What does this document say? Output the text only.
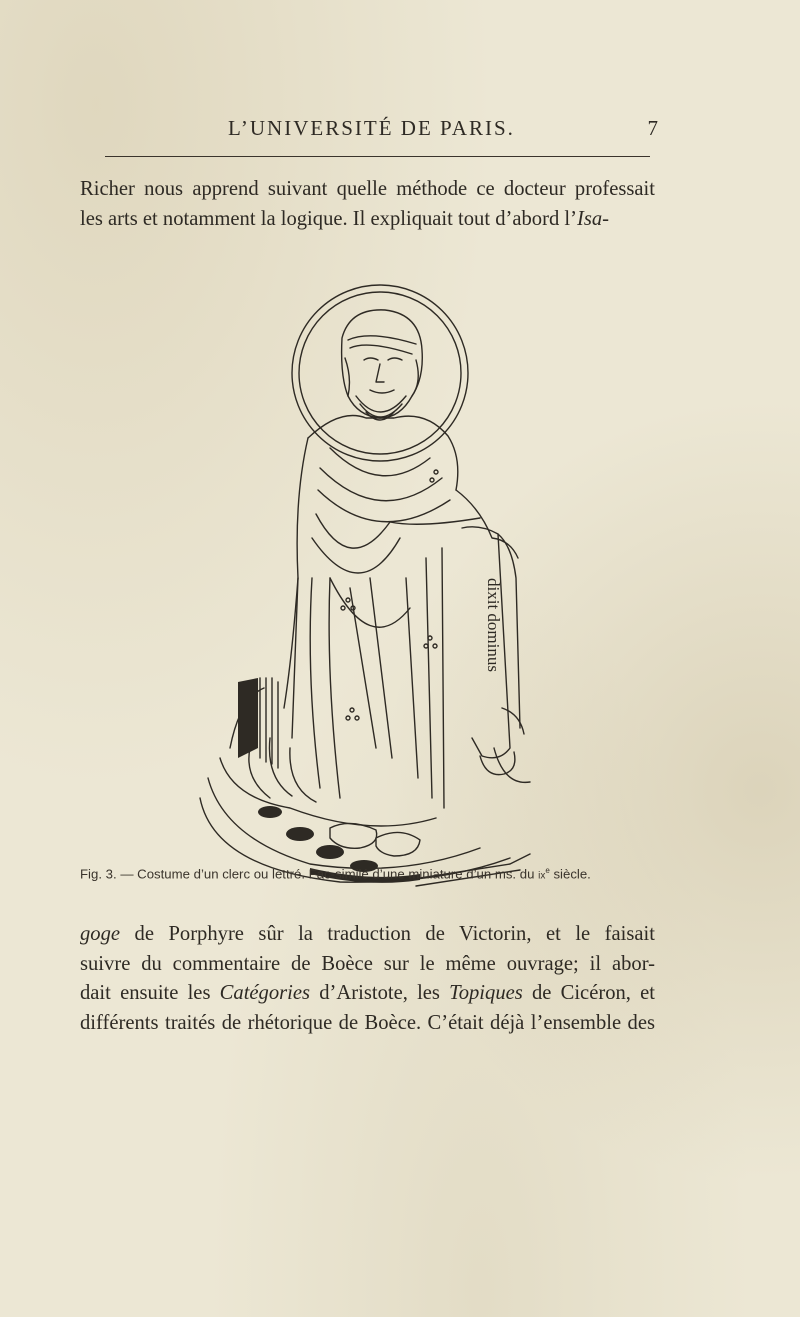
L’UNIVERSITÉ DE PARIS.	7
Richer nous apprend suivant quelle méthode ce docteur professait
les arts et notamment la logique. Il expliquait tout d’abord l’Isa-
dixit dominus
Fig. 3. — Costume d’un clerc ou lettré. Fac-similé d’une miniature d’un ms. du $ix^e$ siècle.
goge de Porphyre sûr la traduction de Victorin, et le faisait
suivre du commentaire de Boèce sur le même ouvrage; il abor-
dait ensuite les Catégories d’Aristote, les Topiques de Cicéron, et
différents traités de rhétorique de Boèce. C’était déjà l’ensemble des
